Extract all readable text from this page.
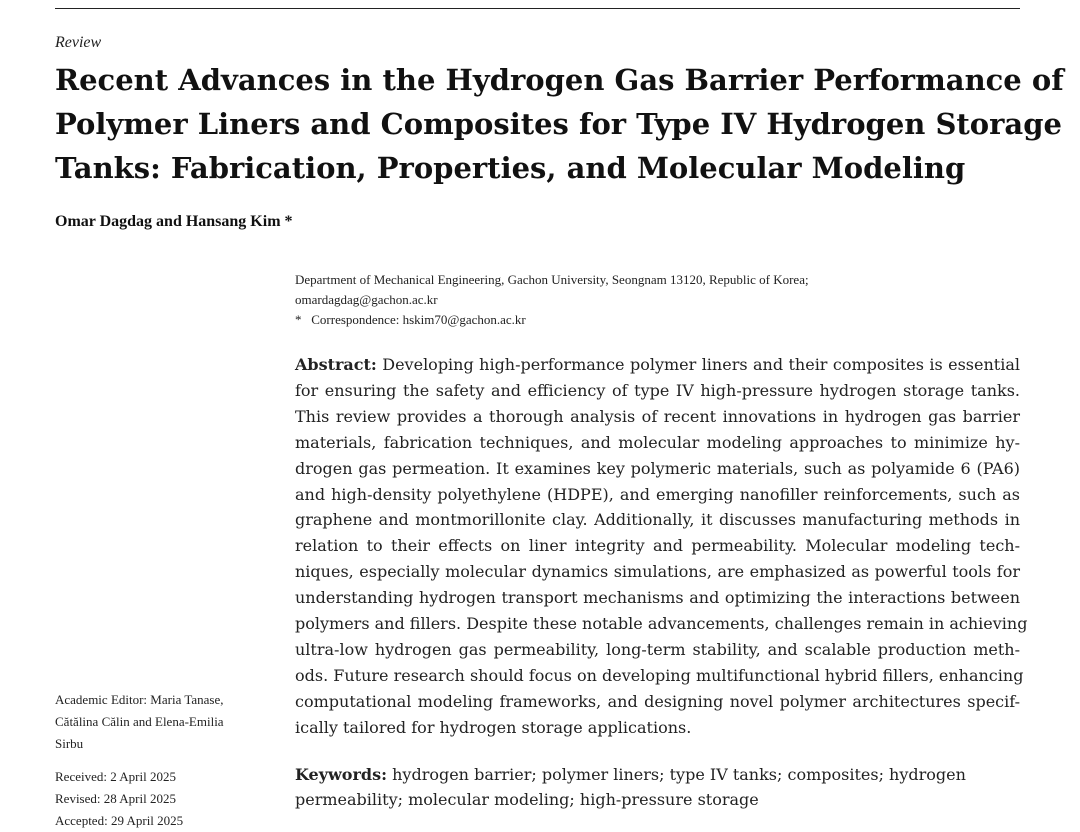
Review
Recent Advances in the Hydrogen Gas Barrier Performance of
Polymer Liners and Composites for Type IV Hydrogen Storage
Tanks: Fabrication, Properties, and Molecular Modeling
Omar Dagdag and Hansang Kim *
Department of Mechanical Engineering, Gachon University, Seongnam 13120, Republic of Korea;
omardagdag@gachon.ac.kr
* Correspondence: hskim70@gachon.ac.kr
Abstract: Developing high-performance polymer liners and their composites is essential
for ensuring the safety and efficiency of type IV high-pressure hydrogen storage tanks.
This review provides a thorough analysis of recent innovations in hydrogen gas barrier
materials, fabrication techniques, and molecular modeling approaches to minimize hy-
drogen gas permeation. It examines key polymeric materials, such as polyamide 6 (PA6)
and high-density polyethylene (HDPE), and emerging nanofiller reinforcements, such as
graphene and montmorillonite clay. Additionally, it discusses manufacturing methods in
relation to their effects on liner integrity and permeability. Molecular modeling tech-
niques, especially molecular dynamics simulations, are emphasized as powerful tools for
understanding hydrogen transport mechanisms and optimizing the interactions between
polymers and fillers. Despite these notable advancements, challenges remain in achieving
ultra-low hydrogen gas permeability, long-term stability, and scalable production meth-
ods. Future research should focus on developing multifunctional hybrid fillers, enhancing
computational modeling frameworks, and designing novel polymer architectures specif-
ically tailored for hydrogen storage applications.
Keywords: hydrogen barrier; polymer liners; type IV tanks; composites; hydrogen
permeability; molecular modeling; high-pressure storage
Academic Editor: Maria Tanase,
Cătălina Călin and Elena-Emilia
Sirbu
Received: 2 April 2025
Revised: 28 April 2025
Accepted: 29 April 2025
